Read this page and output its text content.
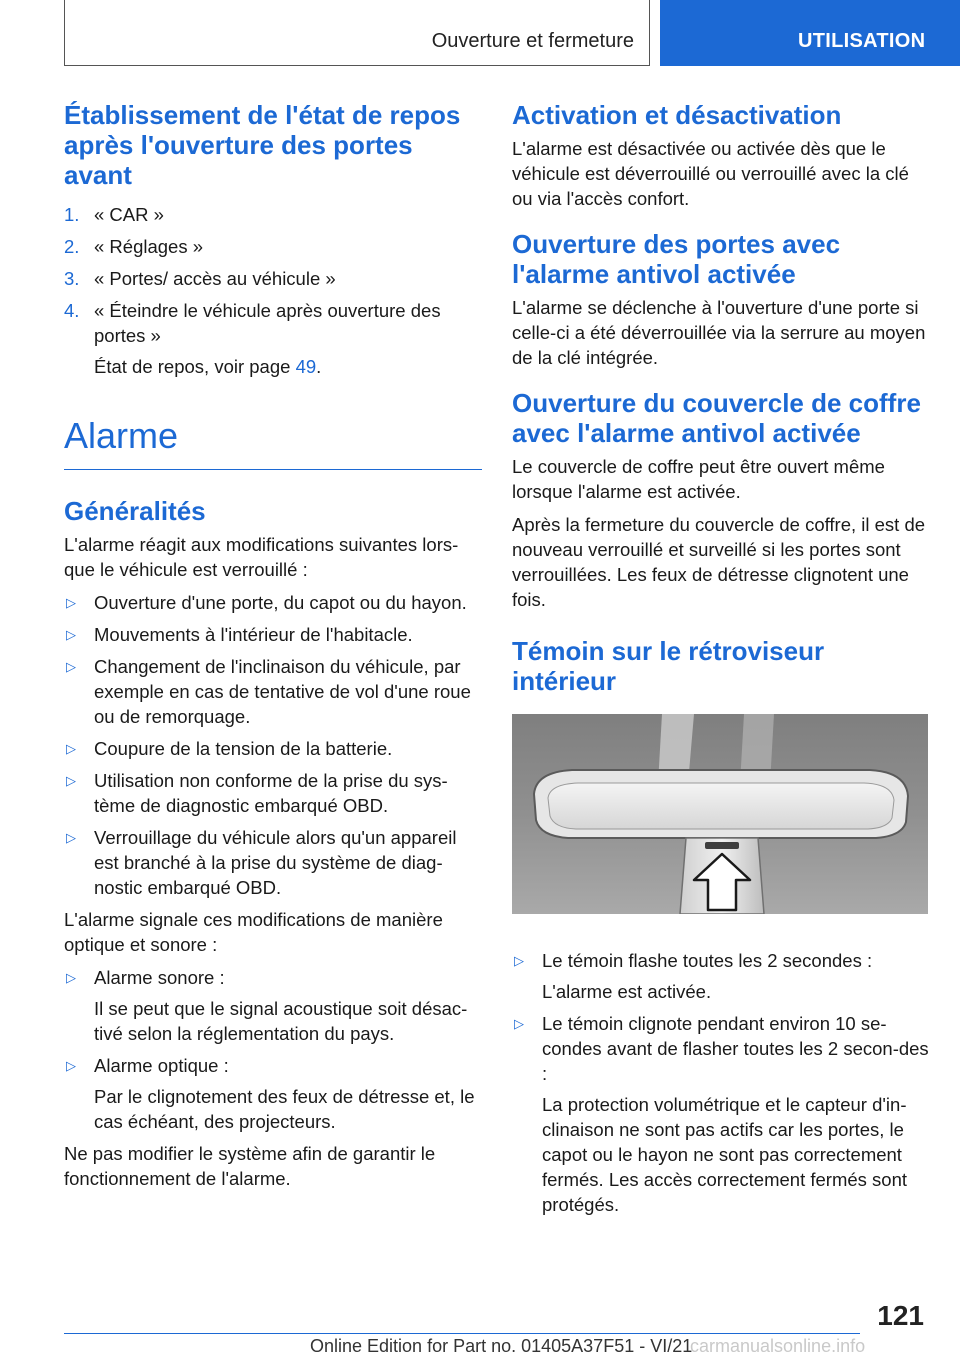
Ouverture et fermeture	UTILISATION
Établissement de l'état de repos après l'ouverture des portes avant
1. « CAR »
2. « Réglages »
3. « Portes/ accès au véhicule »
4. « Éteindre le véhicule après ouverture des portes »
État de repos, voir page 49.
Alarme
Généralités

L'alarme réagit aux modifications suivantes lors-que le véhicule est verrouillé :

▷ Ouverture d'une porte, du capot ou du hayon.
▷ Mouvements à l'intérieur de l'habitacle.
▷ Changement de l'inclinaison du véhicule, par exemple en cas de tentative de vol d'une roue ou de remorquage.
▷ Coupure de la tension de la batterie.
▷ Utilisation non conforme de la prise du sys-tème de diagnostic embarqué OBD.
▷ Verrouillage du véhicule alors qu'un appareil est branché à la prise du système de diag-nostic embarqué OBD.

L'alarme signale ces modifications de manière optique et sonore :

▷ Alarme sonore :
Il se peut que le signal acoustique soit désac-tivé selon la réglementation du pays.
▷ Alarme optique :
Par le clignotement des feux de détresse et, le cas échéant, des projecteurs.

Ne pas modifier le système afin de garantir le fonctionnement de l'alarme.

Activation et désactivation

L'alarme est désactivée ou activée dès que le véhicule est déverrouillé ou verrouillé avec la clé ou via l'accès confort.

Ouverture des portes avec l'alarme antivol activée

L'alarme se déclenche à l'ouverture d'une porte si celle-ci a été déverrouillée via la serrure au moyen de la clé intégrée.

Ouverture du couvercle de coffre avec l'alarme antivol activée

Le couvercle de coffre peut être ouvert même lorsque l'alarme est activée.

Après la fermeture du couvercle de coffre, il est de nouveau verrouillé et surveillé si les portes sont verrouillées. Les feux de détresse clignotent une fois.

Témoin sur le rétroviseur intérieur
▷ Le témoin flashe toutes les 2 secondes :
L'alarme est activée.
▷ Le témoin clignote pendant environ 10 se-condes avant de flasher toutes les 2 secon-des :
La protection volumétrique et le capteur d'in-clinaison ne sont pas actifs car les portes, le capot ou le hayon ne sont pas correctement fermés. Les accès correctement fermés sont protégés.
121
Online Edition for Part no. 01405A37F51 - VI/21
carmanualsonline.info
